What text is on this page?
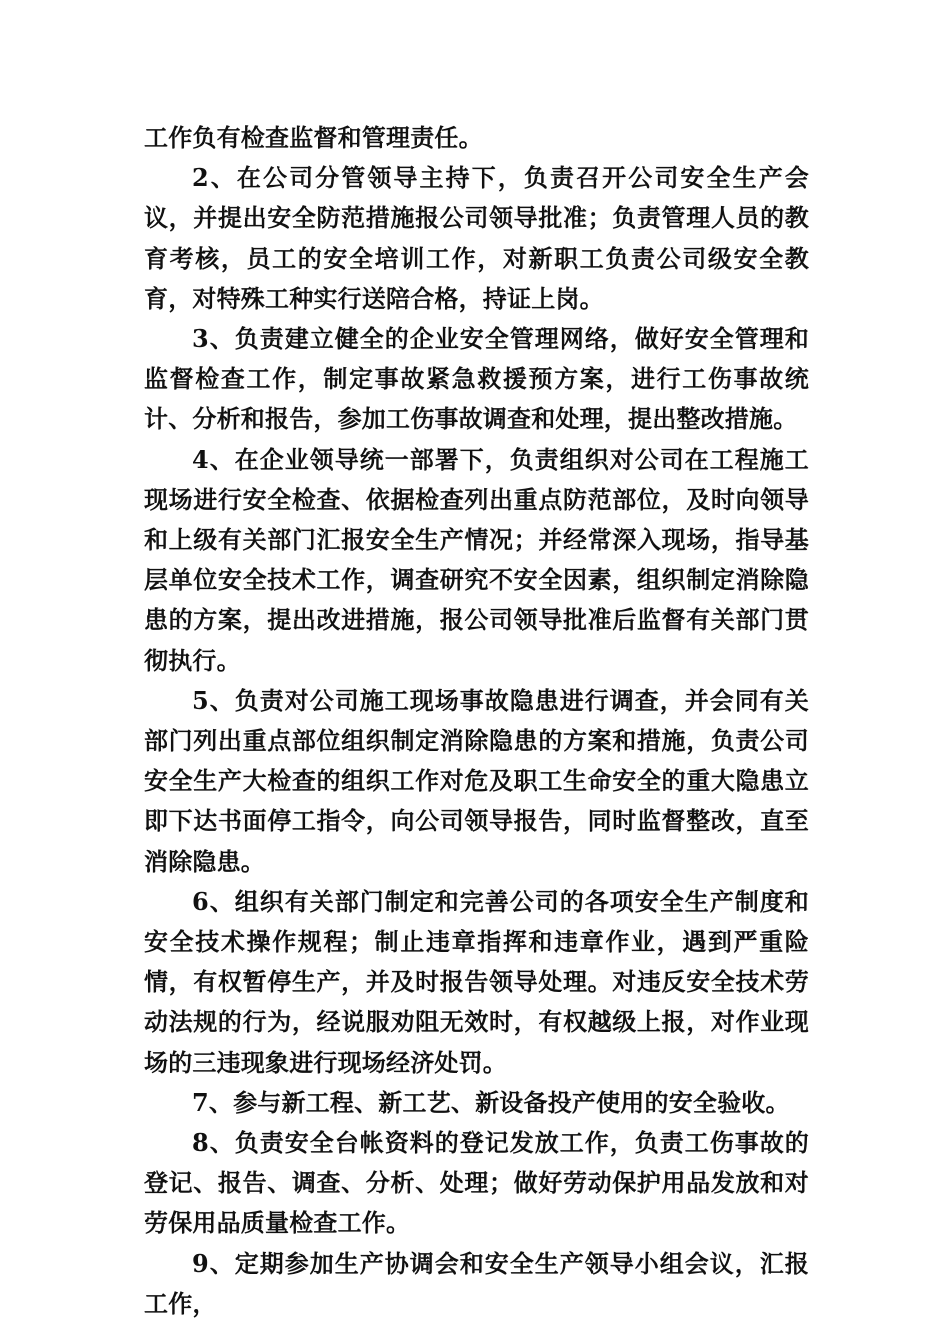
工作负有检查监督和管理责任。

2、在公司分管领导主持下，负责召开公司安全生产会议，并提出安全防范措施报公司领导批准；负责管理人员的教育考核，员工的安全培训工作，对新职工负责公司级安全教育，对特殊工种实行送陪合格，持证上岗。

3、负责建立健全的企业安全管理网络，做好安全管理和监督检查工作，制定事故紧急救援预方案，进行工伤事故统计、分析和报告，参加工伤事故调查和处理，提出整改措施。

4、在企业领导统一部署下，负责组织对公司在工程施工现场进行安全检查、依据检查列出重点防范部位，及时向领导和上级有关部门汇报安全生产情况；并经常深入现场，指导基层单位安全技术工作，调查研究不安全因素，组织制定消除隐患的方案，提出改进措施，报公司领导批准后监督有关部门贯彻执行。

5、负责对公司施工现场事故隐患进行调查，并会同有关部门列出重点部位组织制定消除隐患的方案和措施，负责公司安全生产大检查的组织工作对危及职工生命安全的重大隐患立即下达书面停工指令，向公司领导报告，同时监督整改，直至消除隐患。

6、组织有关部门制定和完善公司的各项安全生产制度和安全技术操作规程；制止违章指挥和违章作业，遇到严重险情，有权暂停生产，并及时报告领导处理。对违反安全技术劳动法规的行为，经说服劝阻无效时，有权越级上报，对作业现场的三违现象进行现场经济处罚。

7、参与新工程、新工艺、新设备投产使用的安全验收。

8、负责安全台帐资料的登记发放工作，负责工伤事故的登记、报告、调查、分析、处理；做好劳动保护用品发放和对劳保用品质量检查工作。

9、定期参加生产协调会和安全生产领导小组会议，汇报工作，
